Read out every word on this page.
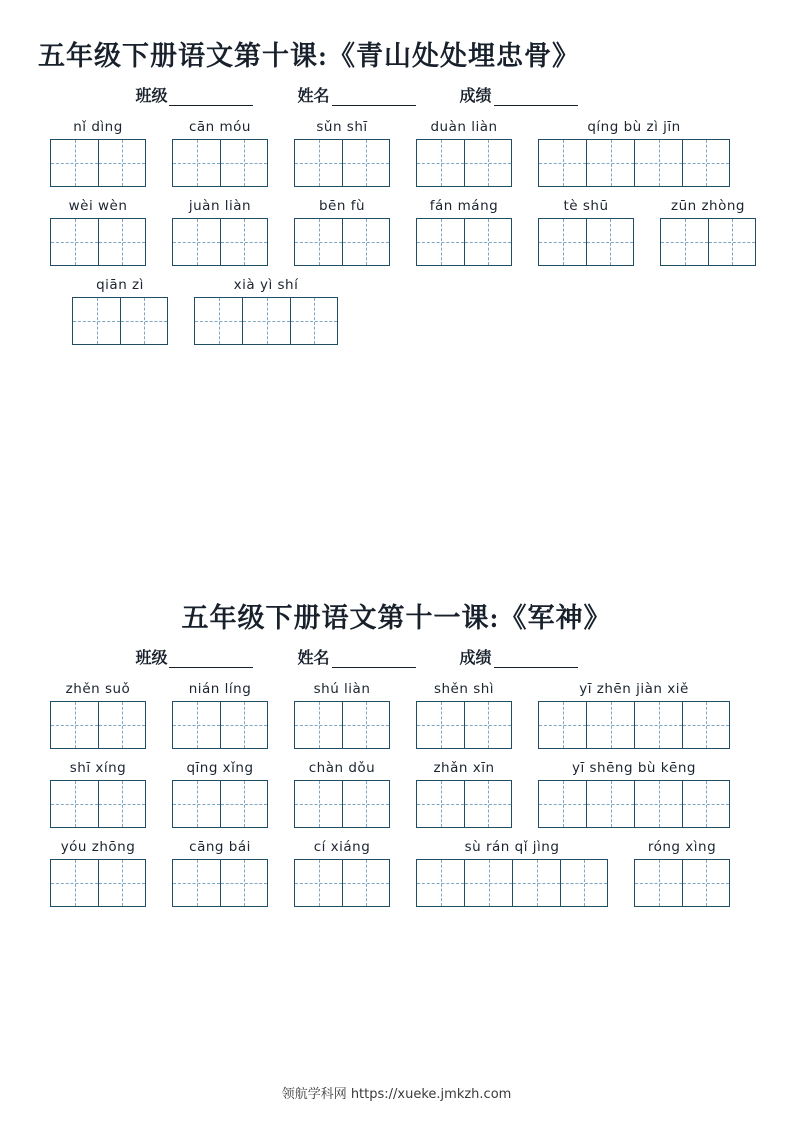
五年级下册语文第十课:《青山处处埋忠骨》
班级	姓名	成绩
nǐ dìng	cān móu	sǔn shī	duàn liàn	qíng bù zì jīn
wèi wèn	juàn liàn	bēn fù	fán máng	tè shū	zūn zhòng
qiān zì	xià yì shí
五年级下册语文第十一课:《军神》
班级	姓名	成绩
zhěn suǒ	nián líng	shú liàn	shěn shì	yī zhēn jiàn xiě
shī xíng	qīng xǐng	chàn dǒu	zhǎn xīn	yī shēng bù kēng
yóu zhōng	cāng bái	cí xiáng	sù rán qǐ jìng	róng xìng
领航学科网 https://xueke.jmkzh.com
